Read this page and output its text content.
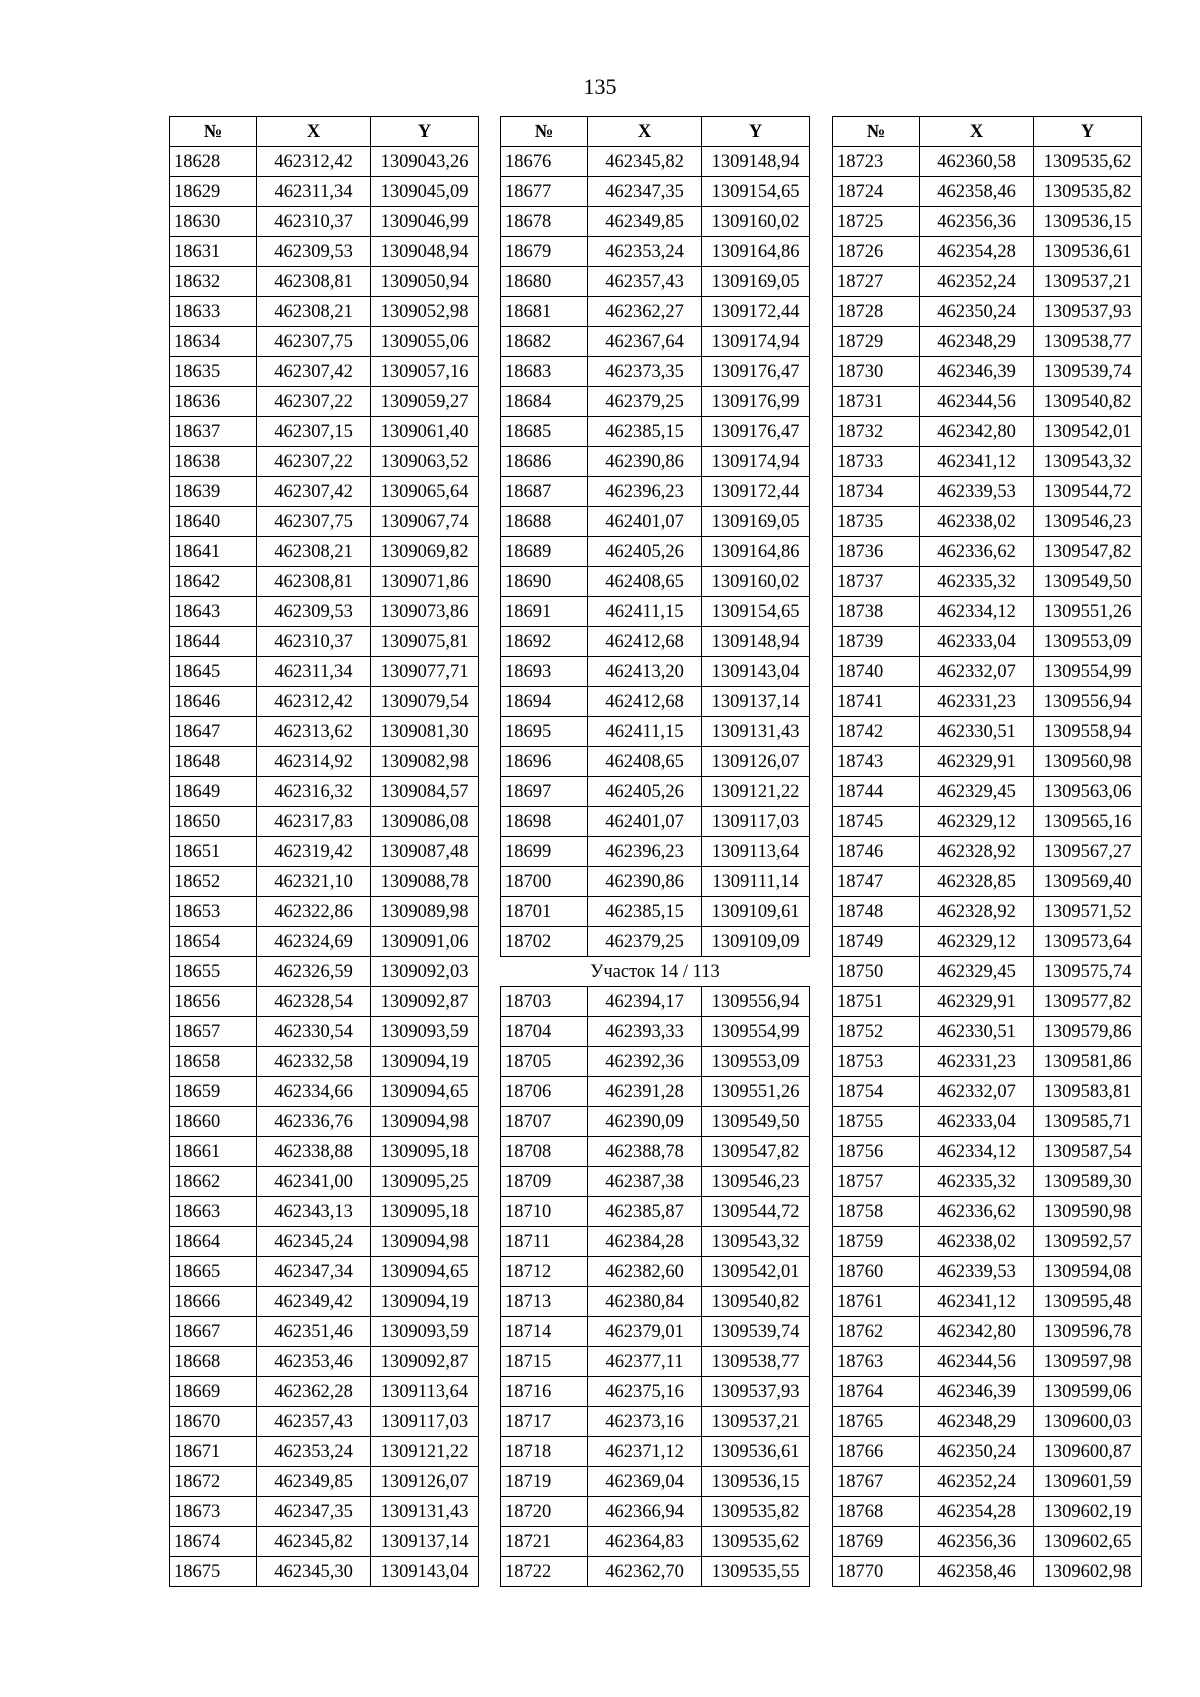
135
№	X	Y
18628	462312,42	1309043,26
18629	462311,34	1309045,09
18630	462310,37	1309046,99
18631	462309,53	1309048,94
18632	462308,81	1309050,94
18633	462308,21	1309052,98
18634	462307,75	1309055,06
18635	462307,42	1309057,16
18636	462307,22	1309059,27
18637	462307,15	1309061,40
18638	462307,22	1309063,52
18639	462307,42	1309065,64
18640	462307,75	1309067,74
18641	462308,21	1309069,82
18642	462308,81	1309071,86
18643	462309,53	1309073,86
18644	462310,37	1309075,81
18645	462311,34	1309077,71
18646	462312,42	1309079,54
18647	462313,62	1309081,30
18648	462314,92	1309082,98
18649	462316,32	1309084,57
18650	462317,83	1309086,08
18651	462319,42	1309087,48
18652	462321,10	1309088,78
18653	462322,86	1309089,98
18654	462324,69	1309091,06
18655	462326,59	1309092,03
18656	462328,54	1309092,87
18657	462330,54	1309093,59
18658	462332,58	1309094,19
18659	462334,66	1309094,65
18660	462336,76	1309094,98
18661	462338,88	1309095,18
18662	462341,00	1309095,25
18663	462343,13	1309095,18
18664	462345,24	1309094,98
18665	462347,34	1309094,65
18666	462349,42	1309094,19
18667	462351,46	1309093,59
18668	462353,46	1309092,87
18669	462362,28	1309113,64
18670	462357,43	1309117,03
18671	462353,24	1309121,22
18672	462349,85	1309126,07
18673	462347,35	1309131,43
18674	462345,82	1309137,14
18675	462345,30	1309143,04
№	X	Y
18676	462345,82	1309148,94
18677	462347,35	1309154,65
18678	462349,85	1309160,02
18679	462353,24	1309164,86
18680	462357,43	1309169,05
18681	462362,27	1309172,44
18682	462367,64	1309174,94
18683	462373,35	1309176,47
18684	462379,25	1309176,99
18685	462385,15	1309176,47
18686	462390,86	1309174,94
18687	462396,23	1309172,44
18688	462401,07	1309169,05
18689	462405,26	1309164,86
18690	462408,65	1309160,02
18691	462411,15	1309154,65
18692	462412,68	1309148,94
18693	462413,20	1309143,04
18694	462412,68	1309137,14
18695	462411,15	1309131,43
18696	462408,65	1309126,07
18697	462405,26	1309121,22
18698	462401,07	1309117,03
18699	462396,23	1309113,64
18700	462390,86	1309111,14
18701	462385,15	1309109,61
18702	462379,25	1309109,09
Участок 14 / 113		
18703	462394,17	1309556,94
18704	462393,33	1309554,99
18705	462392,36	1309553,09
18706	462391,28	1309551,26
18707	462390,09	1309549,50
18708	462388,78	1309547,82
18709	462387,38	1309546,23
18710	462385,87	1309544,72
18711	462384,28	1309543,32
18712	462382,60	1309542,01
18713	462380,84	1309540,82
18714	462379,01	1309539,74
18715	462377,11	1309538,77
18716	462375,16	1309537,93
18717	462373,16	1309537,21
18718	462371,12	1309536,61
18719	462369,04	1309536,15
18720	462366,94	1309535,82
18721	462364,83	1309535,62
18722	462362,70	1309535,55
№	X	Y
18723	462360,58	1309535,62
18724	462358,46	1309535,82
18725	462356,36	1309536,15
18726	462354,28	1309536,61
18727	462352,24	1309537,21
18728	462350,24	1309537,93
18729	462348,29	1309538,77
18730	462346,39	1309539,74
18731	462344,56	1309540,82
18732	462342,80	1309542,01
18733	462341,12	1309543,32
18734	462339,53	1309544,72
18735	462338,02	1309546,23
18736	462336,62	1309547,82
18737	462335,32	1309549,50
18738	462334,12	1309551,26
18739	462333,04	1309553,09
18740	462332,07	1309554,99
18741	462331,23	1309556,94
18742	462330,51	1309558,94
18743	462329,91	1309560,98
18744	462329,45	1309563,06
18745	462329,12	1309565,16
18746	462328,92	1309567,27
18747	462328,85	1309569,40
18748	462328,92	1309571,52
18749	462329,12	1309573,64
18750	462329,45	1309575,74
18751	462329,91	1309577,82
18752	462330,51	1309579,86
18753	462331,23	1309581,86
18754	462332,07	1309583,81
18755	462333,04	1309585,71
18756	462334,12	1309587,54
18757	462335,32	1309589,30
18758	462336,62	1309590,98
18759	462338,02	1309592,57
18760	462339,53	1309594,08
18761	462341,12	1309595,48
18762	462342,80	1309596,78
18763	462344,56	1309597,98
18764	462346,39	1309599,06
18765	462348,29	1309600,03
18766	462350,24	1309600,87
18767	462352,24	1309601,59
18768	462354,28	1309602,19
18769	462356,36	1309602,65
18770	462358,46	1309602,98
